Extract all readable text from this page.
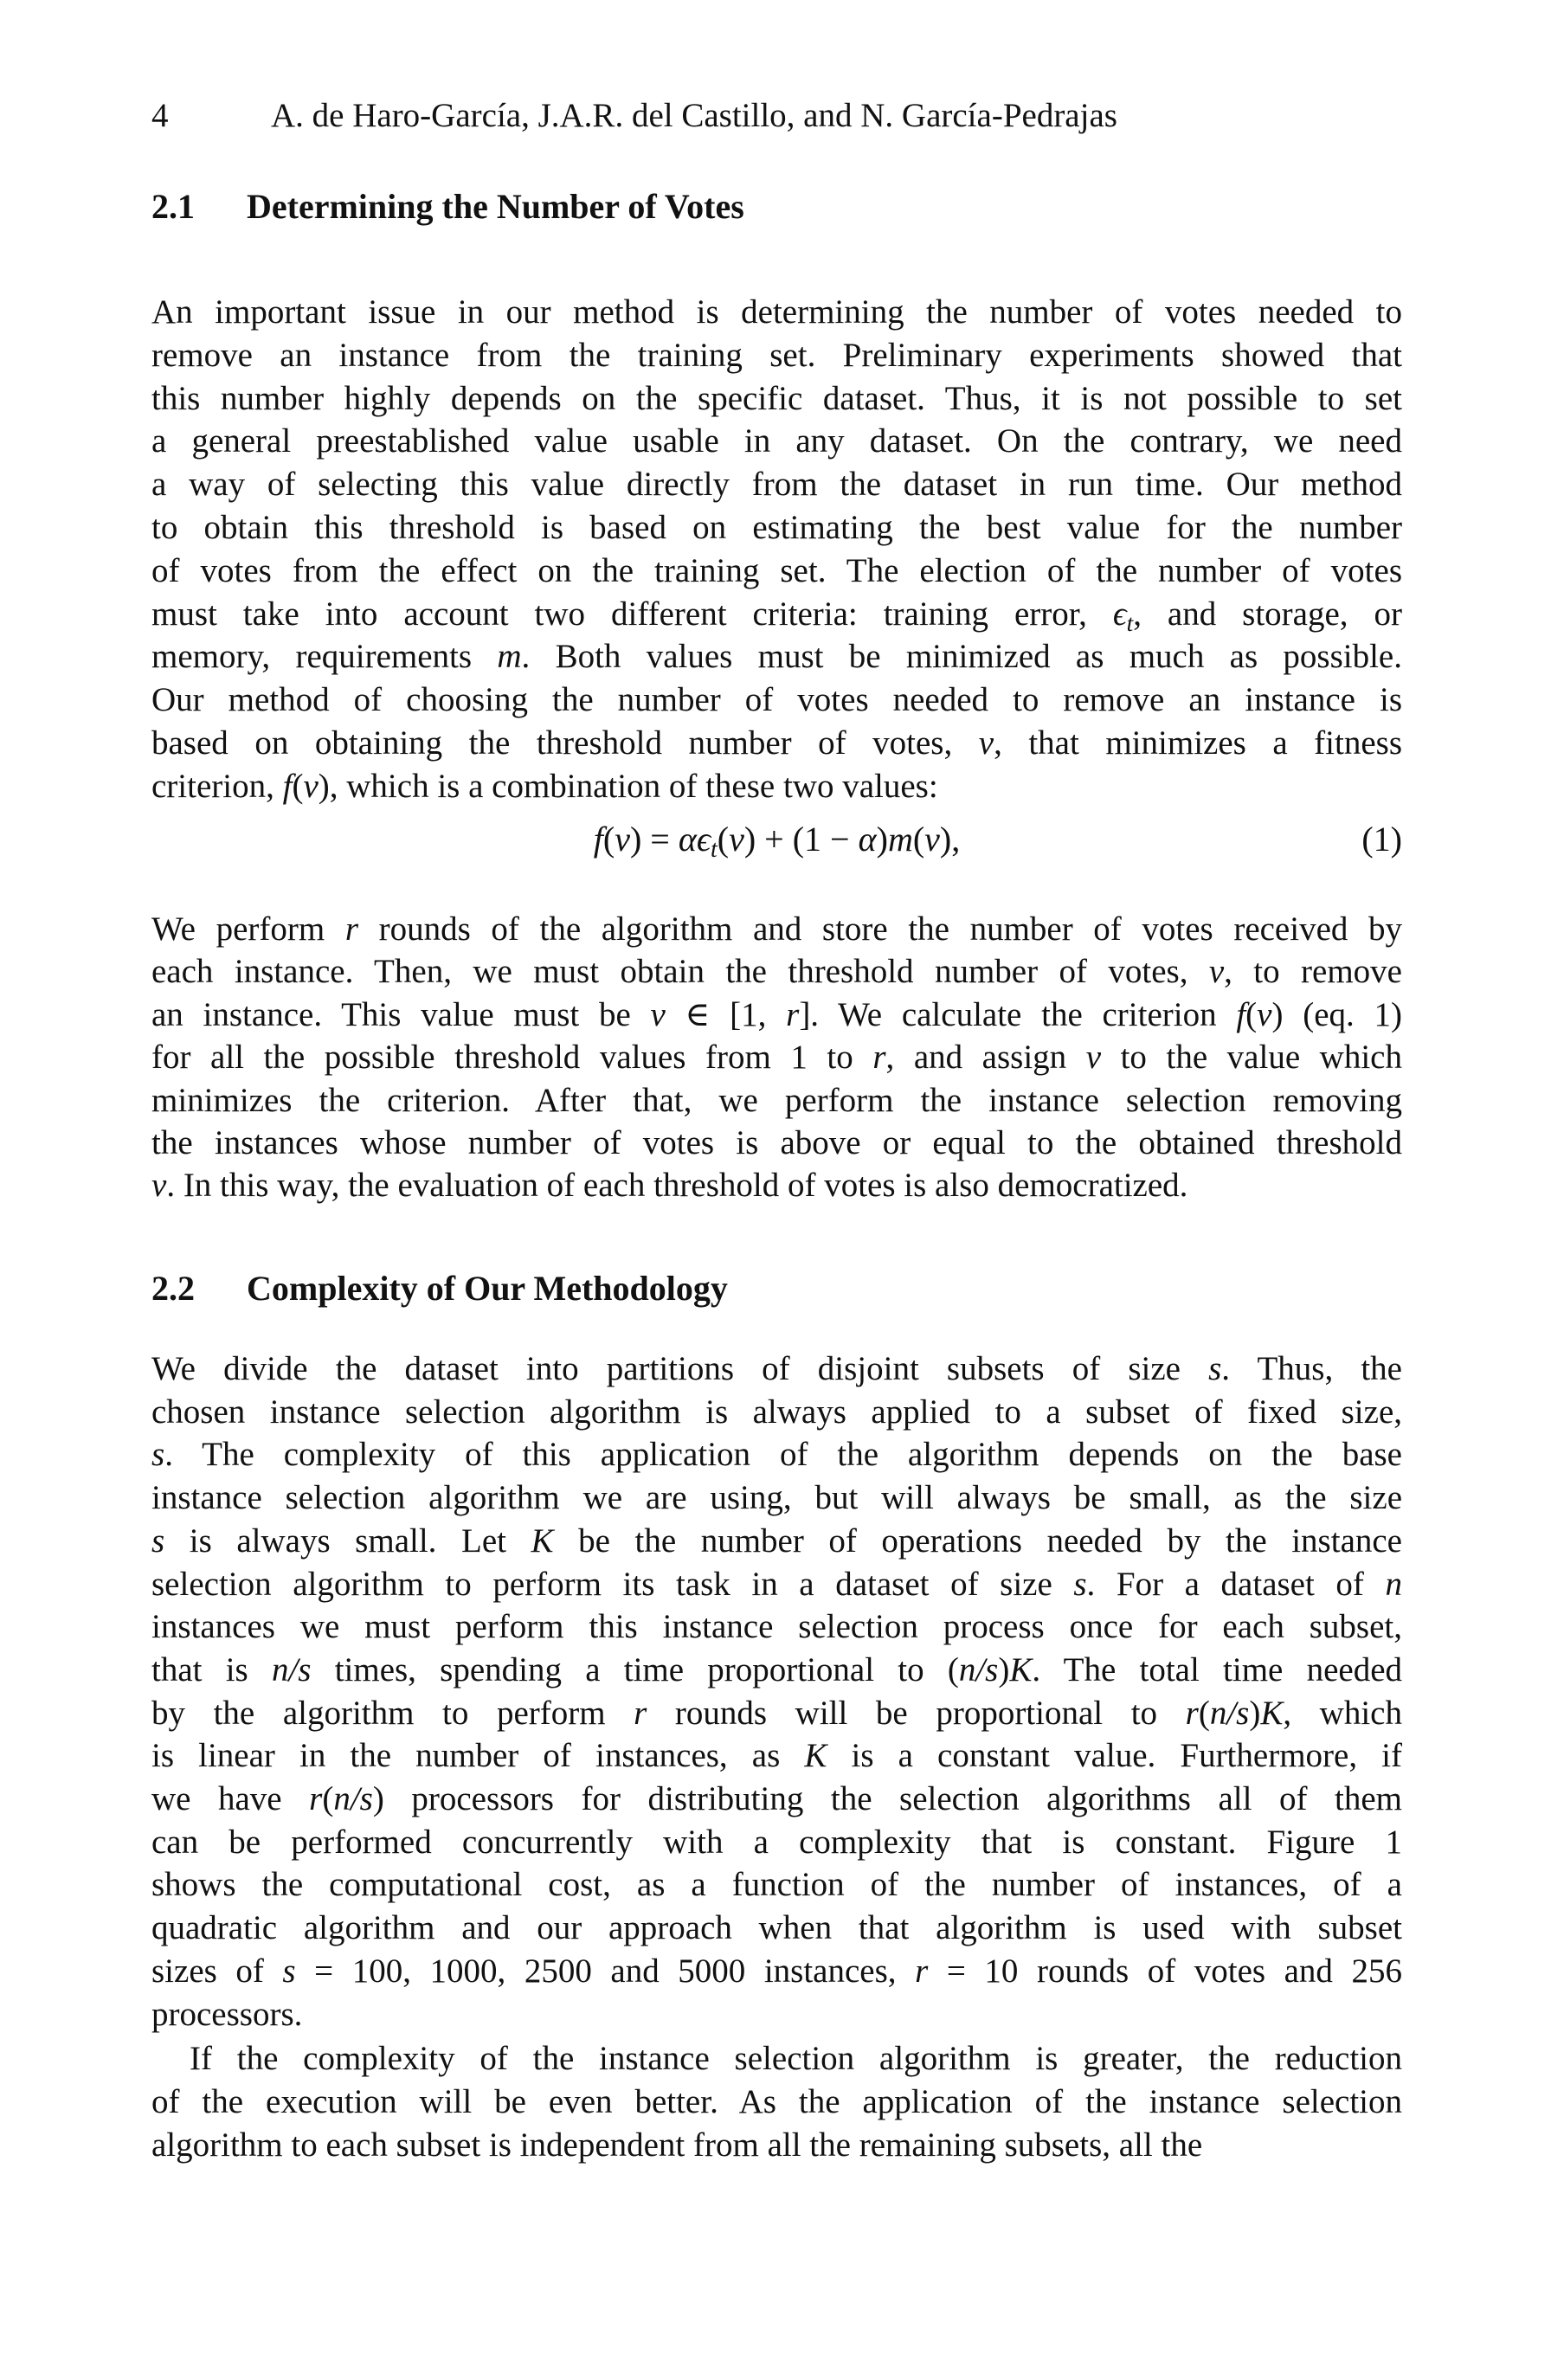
4	A. de Haro-García, J.A.R. del Castillo, and N. García-Pedrajas
2.1 Determining the Number of Votes
An important issue in our method is determining the number of votes needed to
remove an instance from the training set. Preliminary experiments showed that
this number highly depends on the specific dataset. Thus, it is not possible to set
a general preestablished value usable in any dataset. On the contrary, we need
a way of selecting this value directly from the dataset in run time. Our method
to obtain this threshold is based on estimating the best value for the number
of votes from the effect on the training set. The election of the number of votes
must take into account two different criteria: training error, $\epsilon_t$, and storage, or
memory, requirements m. Both values must be minimized as much as possible.
Our method of choosing the number of votes needed to remove an instance is
based on obtaining the threshold number of votes, v, that minimizes a fitness
criterion, f(v), which is a combination of these two values:
$f(v) = \alpha\epsilon_t(v) + (1 - \alpha)m(v)$,	(1)
We perform r rounds of the algorithm and store the number of votes received by
each instance. Then, we must obtain the threshold number of votes, v, to remove
an instance. This value must be v ∈ [1, r]. We calculate the criterion f(v) (eq. 1)
for all the possible threshold values from 1 to r, and assign v to the value which
minimizes the criterion. After that, we perform the instance selection removing
the instances whose number of votes is above or equal to the obtained threshold
v. In this way, the evaluation of each threshold of votes is also democratized.
2.2 Complexity of Our Methodology
We divide the dataset into partitions of disjoint subsets of size s. Thus, the
chosen instance selection algorithm is always applied to a subset of fixed size,
s. The complexity of this application of the algorithm depends on the base
instance selection algorithm we are using, but will always be small, as the size
s is always small. Let K be the number of operations needed by the instance
selection algorithm to perform its task in a dataset of size s. For a dataset of n
instances we must perform this instance selection process once for each subset,
that is n/s times, spending a time proportional to (n/s)K. The total time needed
by the algorithm to perform r rounds will be proportional to r(n/s)K, which
is linear in the number of instances, as K is a constant value. Furthermore, if
we have r(n/s) processors for distributing the selection algorithms all of them
can be performed concurrently with a complexity that is constant. Figure 1
shows the computational cost, as a function of the number of instances, of a
quadratic algorithm and our approach when that algorithm is used with subset
sizes of s = 100, 1000, 2500 and 5000 instances, r = 10 rounds of votes and 256
processors.
If the complexity of the instance selection algorithm is greater, the reduction
of the execution will be even better. As the application of the instance selection
algorithm to each subset is independent from all the remaining subsets, all the
